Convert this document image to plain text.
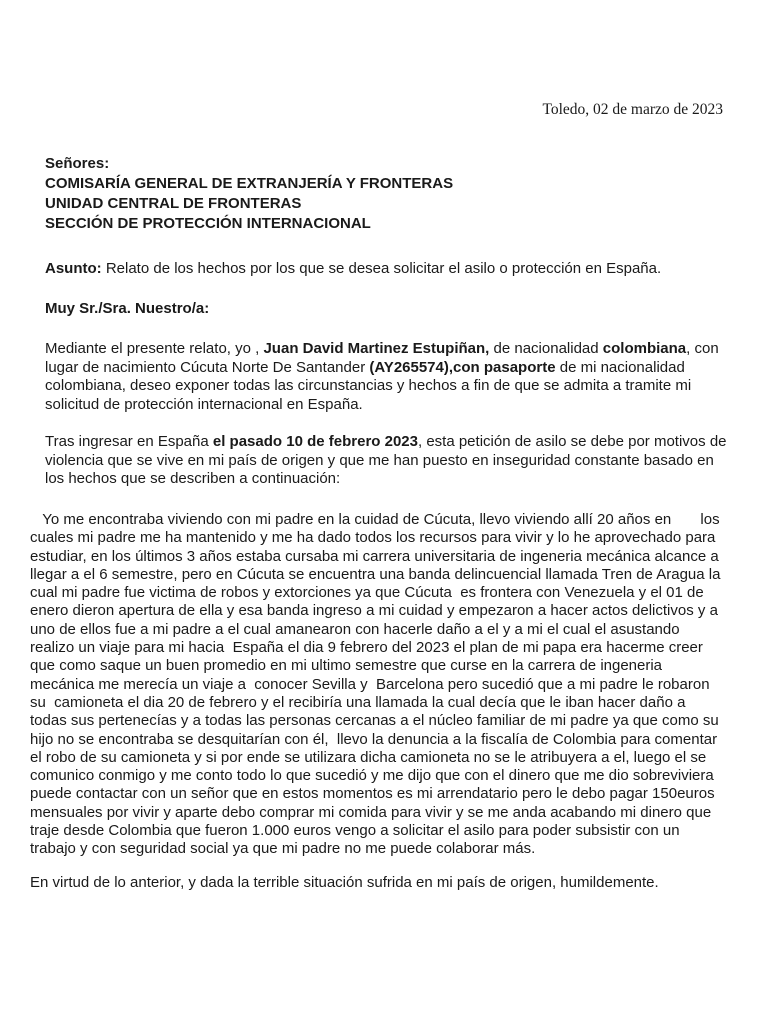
Toledo, 02 de marzo de 2023
Señores:
COMISARÍA GENERAL DE EXTRANJERÍA Y FRONTERAS
UNIDAD CENTRAL DE FRONTERAS
SECCIÓN DE PROTECCIÓN INTERNACIONAL
Asunto: Relato de los hechos por los que se desea solicitar el asilo o protección en España.
Muy Sr./Sra. Nuestro/a:
Mediante el presente relato, yo , Juan David Martinez Estupiñan, de nacionalidad colombiana, con
lugar de nacimiento Cúcuta Norte De Santander (AY265574),con pasaporte de mi nacionalidad
colombiana, deseo exponer todas las circunstancias y hechos a fin de que se admita a tramite mi
solicitud de protección internacional en España.
Tras ingresar en España el pasado 10 de febrero 2023, esta petición de asilo se debe por motivos de
violencia que se vive en mi país de origen y que me han puesto en inseguridad constante basado en
los hechos que se describen a continuación:
Yo me encontraba viviendo con mi padre en la cuidad de Cúcuta, llevo viviendo allí 20 años en       los
cuales mi padre me ha mantenido y me ha dado todos los recursos para vivir y lo he aprovechado para
estudiar, en los últimos 3 años estaba cursaba mi carrera universitaria de ingeneria mecánica alcance a
llegar a el 6 semestre, pero en Cúcuta se encuentra una banda delincuencial llamada Tren de Aragua la
cual mi padre fue victima de robos y extorciones ya que Cúcuta  es frontera con Venezuela y el 01 de
enero dieron apertura de ella y esa banda ingreso a mi cuidad y empezaron a hacer actos delictivos y a
uno de ellos fue a mi padre a el cual amanearon con hacerle daño a el y a mi el cual el asustando
realizo un viaje para mi hacia  España el dia 9 febrero del 2023 el plan de mi papa era hacerme creer
que como saque un buen promedio en mi ultimo semestre que curse en la carrera de ingeneria
mecánica me merecía un viaje a  conocer Sevilla y  Barcelona pero sucedió que a mi padre le robaron
su  camioneta el dia 20 de febrero y el recibiría una llamada la cual decía que le iban hacer daño a
todas sus pertenecías y a todas las personas cercanas a el núcleo familiar de mi padre ya que como su
hijo no se encontraba se desquitarían con él,  llevo la denuncia a la fiscalía de Colombia para comentar
el robo de su camioneta y si por ende se utilizara dicha camioneta no se le atribuyera a el, luego el se
comunico conmigo y me conto todo lo que sucedió y me dijo que con el dinero que me dio sobreviviera
puede contactar con un señor que en estos momentos es mi arrendatario pero le debo pagar 150euros
mensuales por vivir y aparte debo comprar mi comida para vivir y se me anda acabando mi dinero que
traje desde Colombia que fueron 1.000 euros vengo a solicitar el asilo para poder subsistir con un
trabajo y con seguridad social ya que mi padre no me puede colaborar más.
En virtud de lo anterior, y dada la terrible situación sufrida en mi país de origen, humildemente.
